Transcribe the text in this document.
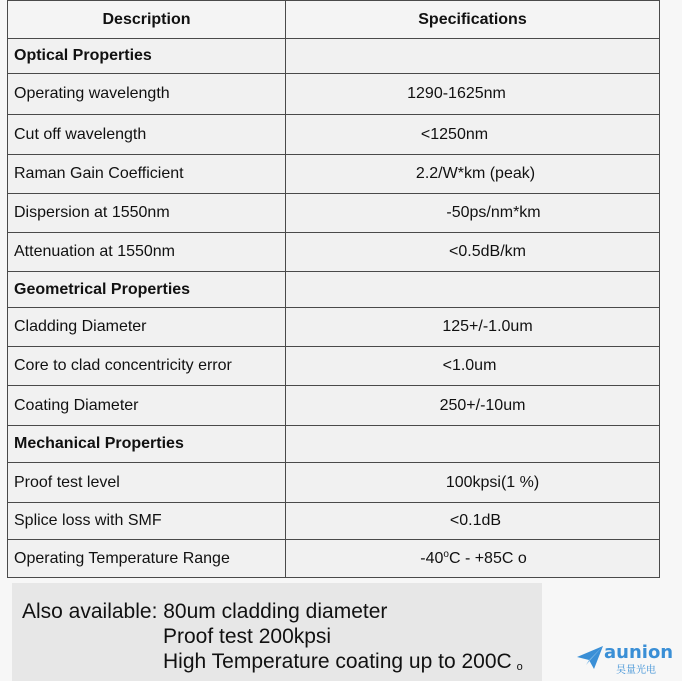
Description	Specifications
Optical Properties	
Operating wavelength	1290-1625nm
Cut off wavelength	<1250nm
Raman Gain Coefficient	2.2/W*km (peak)
Dispersion at 1550nm	-50ps/nm*km
Attenuation at 1550nm	<0.5dB/km
Geometrical Properties	
Cladding Diameter	125+/-1.0um
Core to clad concentricity error	<1.0um
Coating Diameter	250+/-10um
Mechanical Properties	
Proof test level	100kpsi(1 %)
Splice loss with SMF	<0.1dB
Operating Temperature Range	-40$^o$C - +85C o
Also available: 80um cladding diameter
Proof test 200kpsi
High Temperature coating up to 200C o
aunion
昊量光电
